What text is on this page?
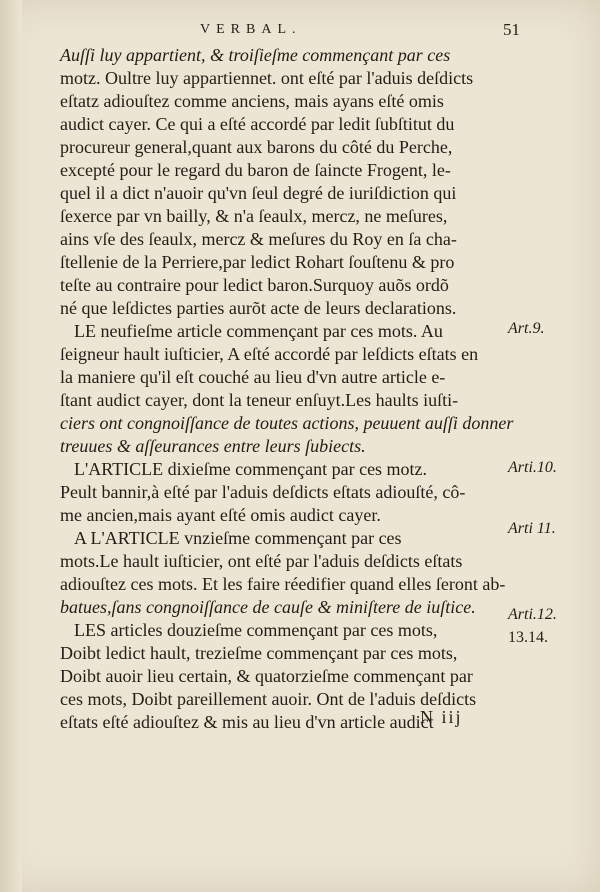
VERBAL.	51
Auſſi luy appartient, & troiſieſme commençant par ces
motz. Oultre luy appartiennet. ont eſté par l'aduis deſdicts
eſtatz adiouſtez comme anciens, mais ayans eſté omis
audict cayer. Ce qui a eſté accordé par ledit ſubſtitut du
procureur general,quant aux barons du côté du Perche,
excepté pour le regard du baron de ſaincte Frogent, le-
quel il a dict n'auoir qu'vn ſeul degré de iuriſdiction qui
ſexerce par vn bailly, & n'a ſeaulx, mercz, ne meſures,
ains vſe des ſeaulx, mercz & meſures du Roy en ſa cha-
ſtellenie de la Perriere,par ledict Rohart ſouſtenu & pro
teſte au contraire pour ledict baron.Surquoy auõs ordõ
né que leſdictes parties aurõt acte de leurs declarations.
LE neufieſme article commençant par ces mots. Au
ſeigneur hault iuſticier, A eſté accordé par leſdicts eſtats en
la maniere qu'il eſt couché au lieu d'vn autre article e-
ſtant audict cayer, dont la teneur enſuyt.Les haults iuſti-
ciers ont congnoiſſance de toutes actions, peuuent auſſi donner
treuues & aſſeurances entre leurs ſubiects.
L'ARTICLE dixieſme commençant par ces motz.
Peult bannir,à eſté par l'aduis deſdicts eſtats adiouſté, cô-
me ancien,mais ayant eſté omis audict cayer.
A L'ARTICLE vnzieſme commençant par ces
mots.Le hault iuſticier, ont eſté par l'aduis deſdicts eſtats
adiouſtez ces mots. Et les faire réedifier quand elles ſeront ab-
batues,ſans congnoiſſance de cauſe & miniſtere de iuſtice.
LES articles douzieſme commençant par ces mots,
Doibt ledict hault, trezieſme commençant par ces mots,
Doibt auoir lieu certain, & quatorzieſme commençant par
ces mots, Doibt pareillement auoir. Ont de l'aduis deſdicts
eſtats eſté adiouſtez & mis au lieu d'vn article audict
Art.9.
Arti.10.
Arti 11.
Arti.12.
13.14.
N iij
